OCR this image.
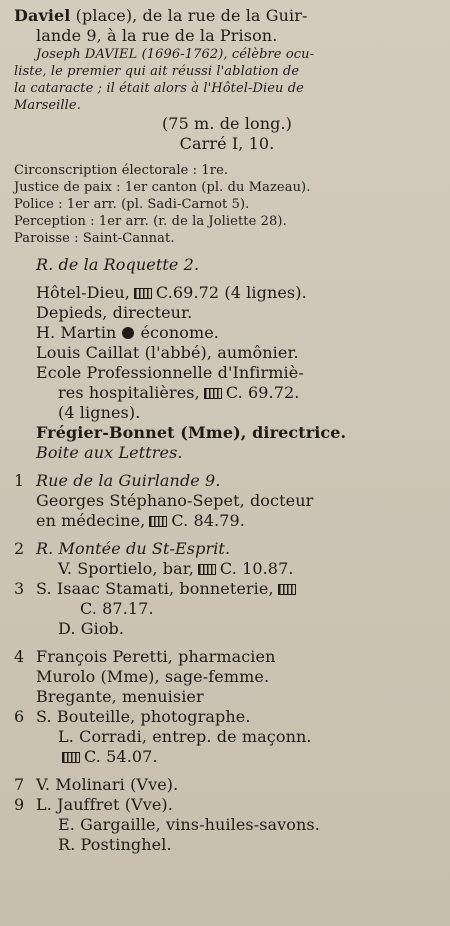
Daviel (place), de la rue de la Guir-
lande 9, à la rue de la Prison.
Joseph DAVIEL (1696-1762), célèbre ocu-
liste, le premier qui ait réussi l'ablation de
la cataracte ; il était alors à l'Hôtel-Dieu de
Marseille.
(75 m. de long.)
Carré I, 10.
Circonscription électorale : 1re.
Justice de paix : 1er canton (pl. du Mazeau).
Police : 1er arr. (pl. Sadi-Carnot 5).
Perception : 1er arr. (r. de la Joliette 28).
Paroisse : Saint-Cannat.
R. de la Roquette 2.
Hôtel-Dieu, C.69.72 (4 lignes).
Depieds, directeur.
H. Martin économe.
Louis Caillat (l'abbé), aumônier.
Ecole Professionnelle d'Infirmiè-
res hospitalières, C. 69.72.
(4 lignes).
Frégier-Bonnet (Mme), directrice.
Boite aux Lettres.
1 Rue de la Guirlande 9.
Georges Stéphano-Sepet, docteur
en médecine, C. 84.79.
2 R. Montée du St-Esprit.
V. Sportielo, bar, C. 10.87.
3 S. Isaac Stamati, bonneterie,
C. 87.17.
D. Giob.
4 François Peretti, pharmacien
Murolo (Mme), sage-femme.
Bregante, menuisier
6 S. Bouteille, photographe.
L. Corradi, entrep. de maçonn.
C. 54.07.
7 V. Molinari (Vve).
9 L. Jauffret (Vve).
E. Gargaille, vins-huiles-savons.
R. Postinghel.
